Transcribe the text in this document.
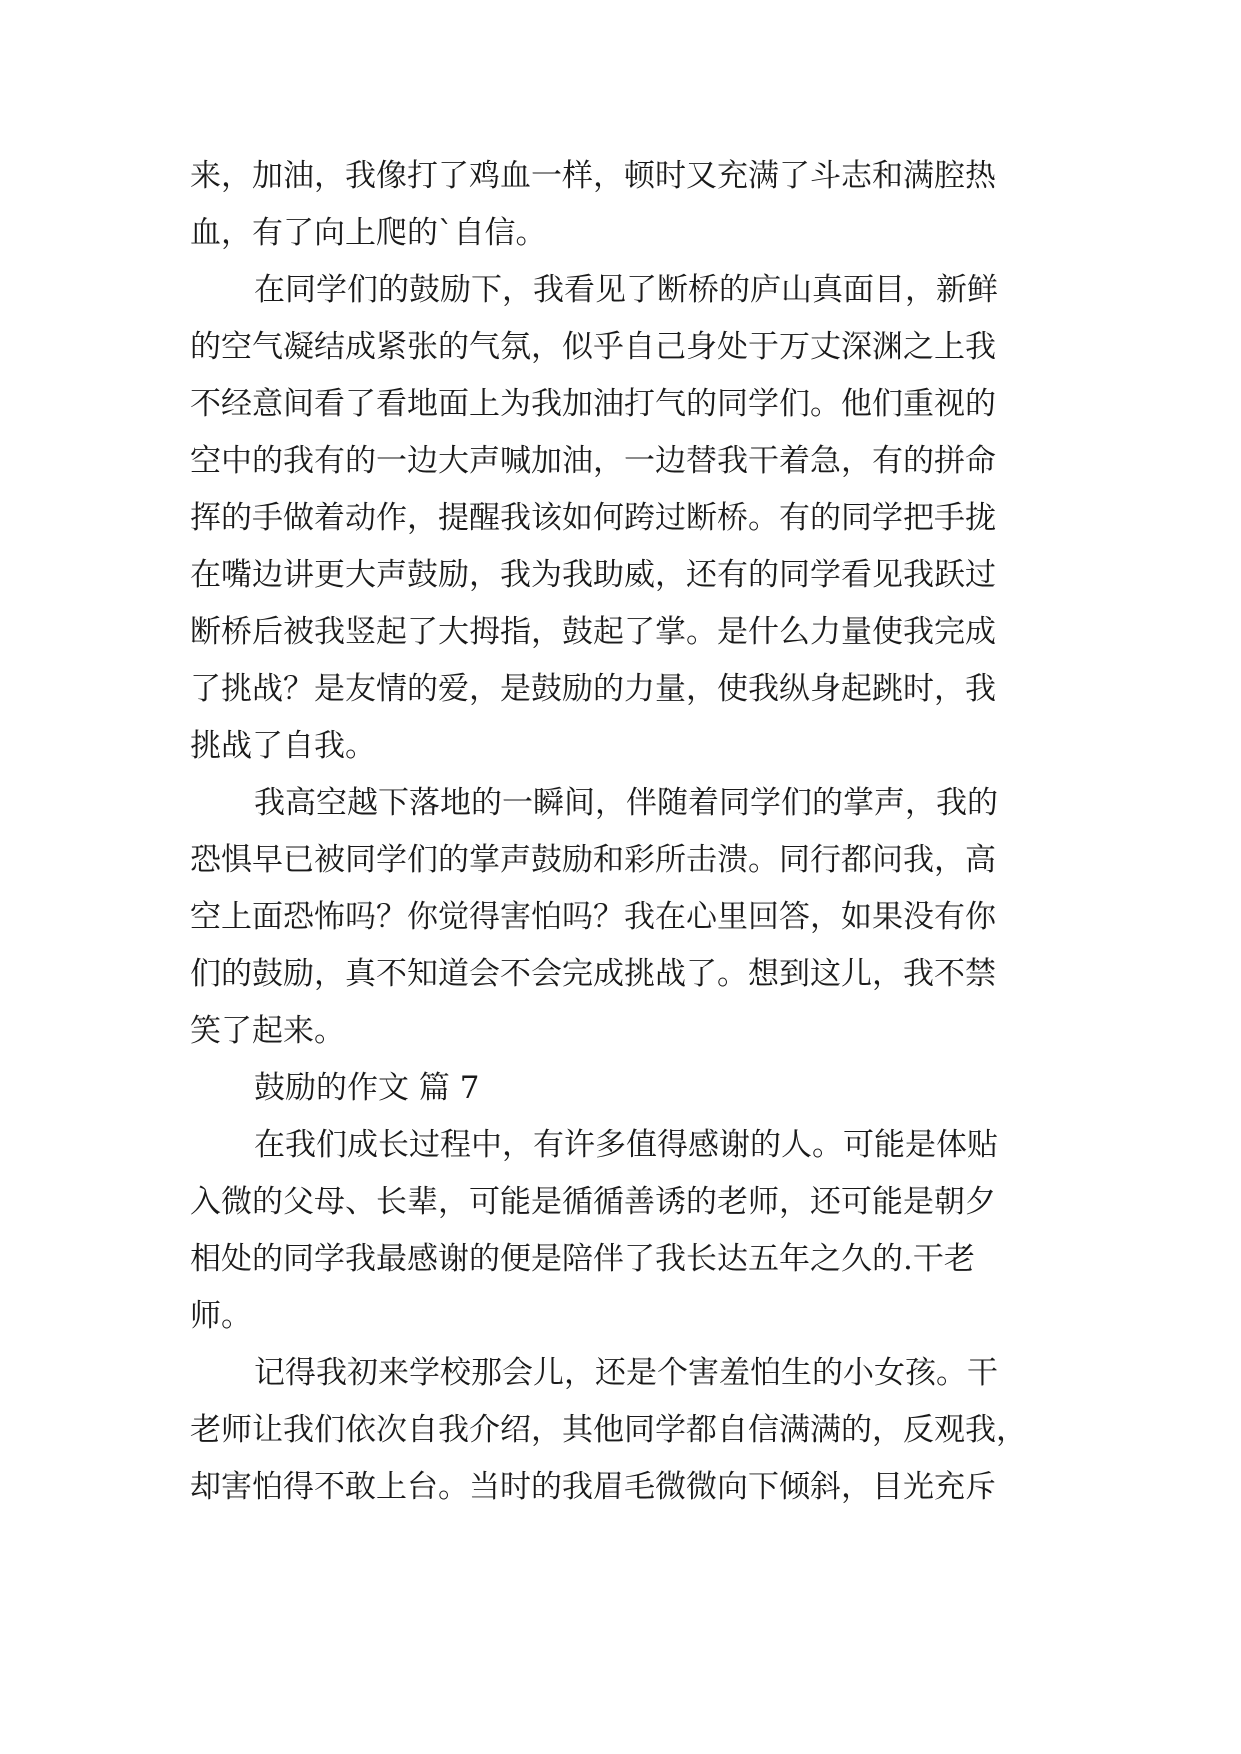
来，加油，我像打了鸡血一样，顿时又充满了斗志和满腔热
血，有了向上爬的`自信。
在同学们的鼓励下，我看见了断桥的庐山真面目，新鲜
的空气凝结成紧张的气氛，似乎自己身处于万丈深渊之上我
不经意间看了看地面上为我加油打气的同学们。他们重视的
空中的我有的一边大声喊加油，一边替我干着急，有的拼命
挥的手做着动作，提醒我该如何跨过断桥。有的同学把手拢
在嘴边讲更大声鼓励，我为我助威，还有的同学看见我跃过
断桥后被我竖起了大拇指，鼓起了掌。是什么力量使我完成
了挑战？是友情的爱，是鼓励的力量，使我纵身起跳时，我
挑战了自我。
我高空越下落地的一瞬间，伴随着同学们的掌声，我的
恐惧早已被同学们的掌声鼓励和彩所击溃。同行都问我，高
空上面恐怖吗？你觉得害怕吗？我在心里回答，如果没有你
们的鼓励，真不知道会不会完成挑战了。想到这儿，我不禁
笑了起来。
鼓励的作文 篇 7
在我们成长过程中，有许多值得感谢的人。可能是体贴
入微的父母、长辈，可能是循循善诱的老师，还可能是朝夕
相处的同学我最感谢的便是陪伴了我长达五年之久的.干老
师。
记得我初来学校那会儿，还是个害羞怕生的小女孩。干
老师让我们依次自我介绍，其他同学都自信满满的，反观我，
却害怕得不敢上台。当时的我眉毛微微向下倾斜，目光充斥
